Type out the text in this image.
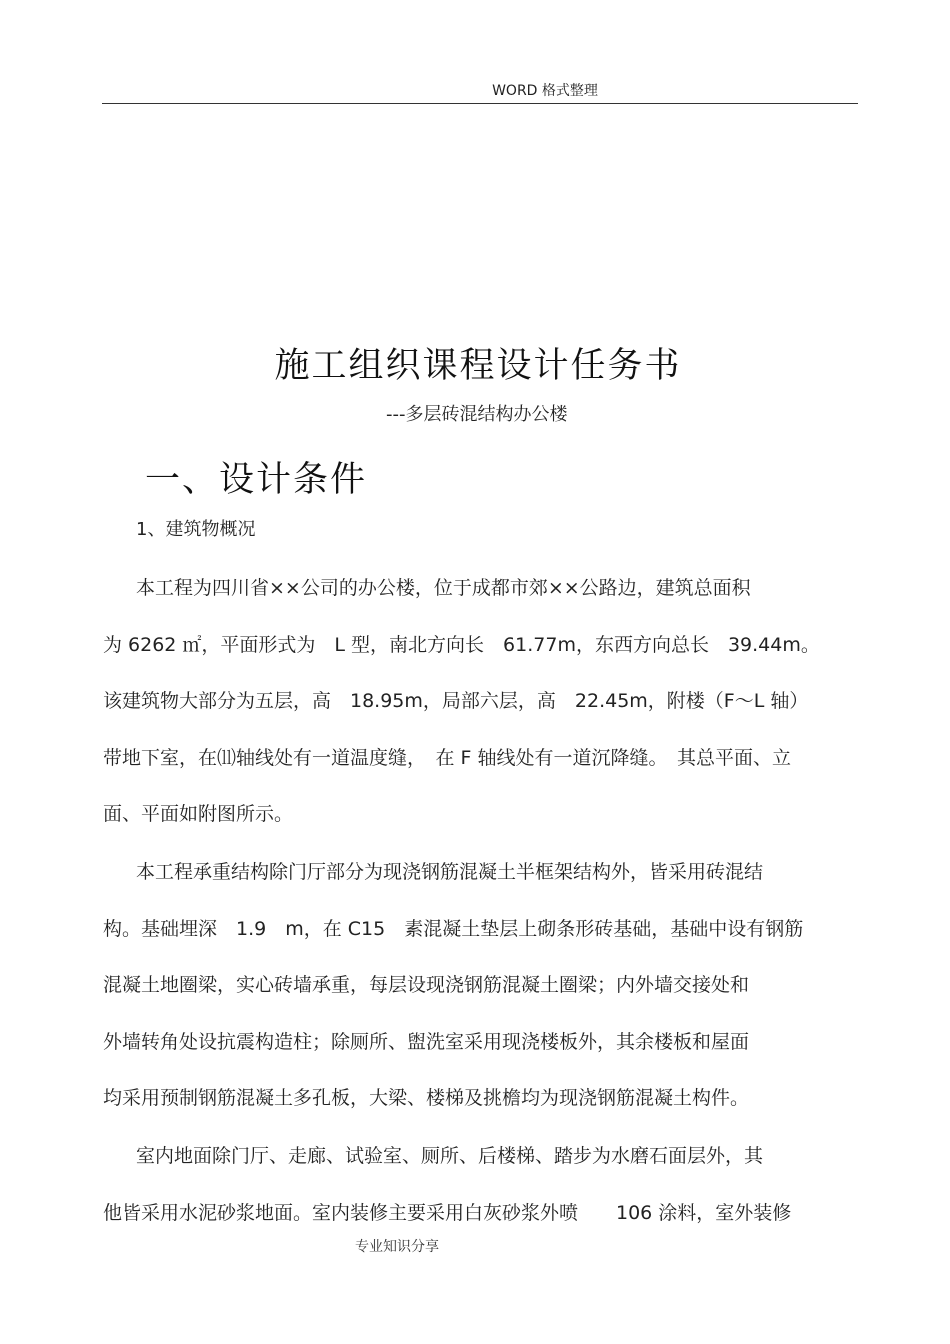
WORD 格式整理
施工组织课程设计任务书
---多层砖混结构办公楼
一、设计条件
1、建筑物概况
本工程为四川省××公司的办公楼，位于成都市郊××公路边，建筑总面积
为 6262 ㎡，平面形式为　L 型，南北方向长　61.77m，东西方向总长　39.44m。
该建筑物大部分为五层，高　18.95m，局部六层，高　22.45m，附楼（F～L 轴）
带地下室，在⑾轴线处有一道温度缝，　在 F 轴线处有一道沉降缝。　其总平面、立
面、平面如附图所示。
本工程承重结构除门厅部分为现浇钢筋混凝土半框架结构外，皆采用砖混结
构。基础埋深　1.9　m，在 C15　素混凝土垫层上砌条形砖基础，基础中设有钢筋
混凝土地圈梁，实心砖墙承重，每层设现浇钢筋混凝土圈梁；内外墙交接处和
外墙转角处设抗震构造柱；除厕所、盥洗室采用现浇楼板外，其余楼板和屋面
均采用预制钢筋混凝土多孔板，大梁、楼梯及挑檐均为现浇钢筋混凝土构件。
室内地面除门厅、走廊、试验室、厕所、后楼梯、踏步为水磨石面层外，其
他皆采用水泥砂浆地面。室内装修主要采用白灰砂浆外喷　　106 涂料，室外装修
专业知识分享
